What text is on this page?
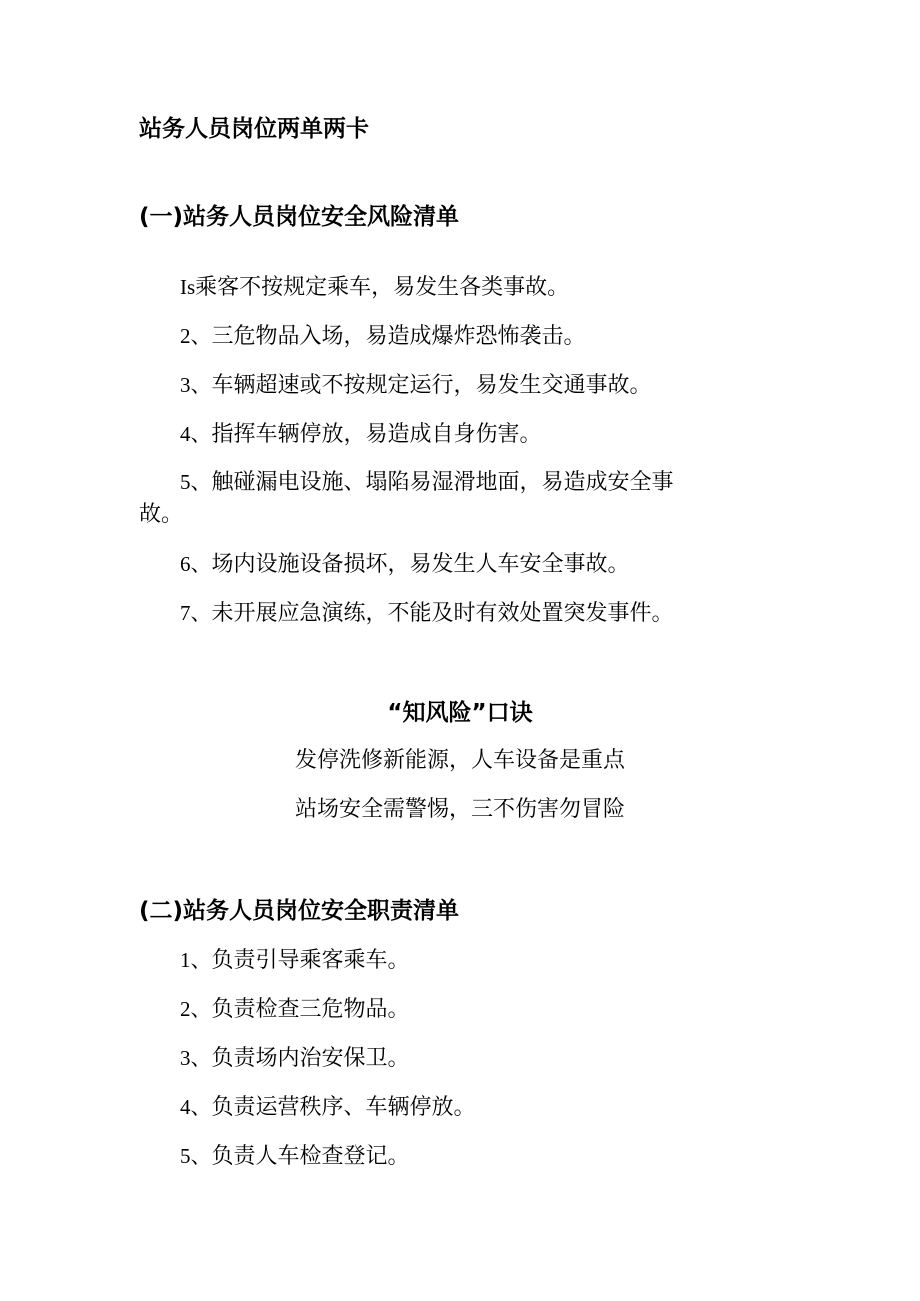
站务人员岗位两单两卡
(一)站务人员岗位安全风险清单
Is乘客不按规定乘车，易发生各类事故。
2、三危物品入场，易造成爆炸恐怖袭击。
3、车辆超速或不按规定运行，易发生交通事故。
4、指挥车辆停放，易造成自身伤害。
5、触碰漏电设施、塌陷易湿滑地面，易造成安全事
故。
6、场内设施设备损坏，易发生人车安全事故。
7、未开展应急演练，不能及时有效处置突发事件。
“知风险”口诀
发停洗修新能源，人车设备是重点
站场安全需警惕，三不伤害勿冒险
(二)站务人员岗位安全职责清单
1、负责引导乘客乘车。
2、负责检查三危物品。
3、负责场内治安保卫。
4、负责运营秩序、车辆停放。
5、负责人车检查登记。
